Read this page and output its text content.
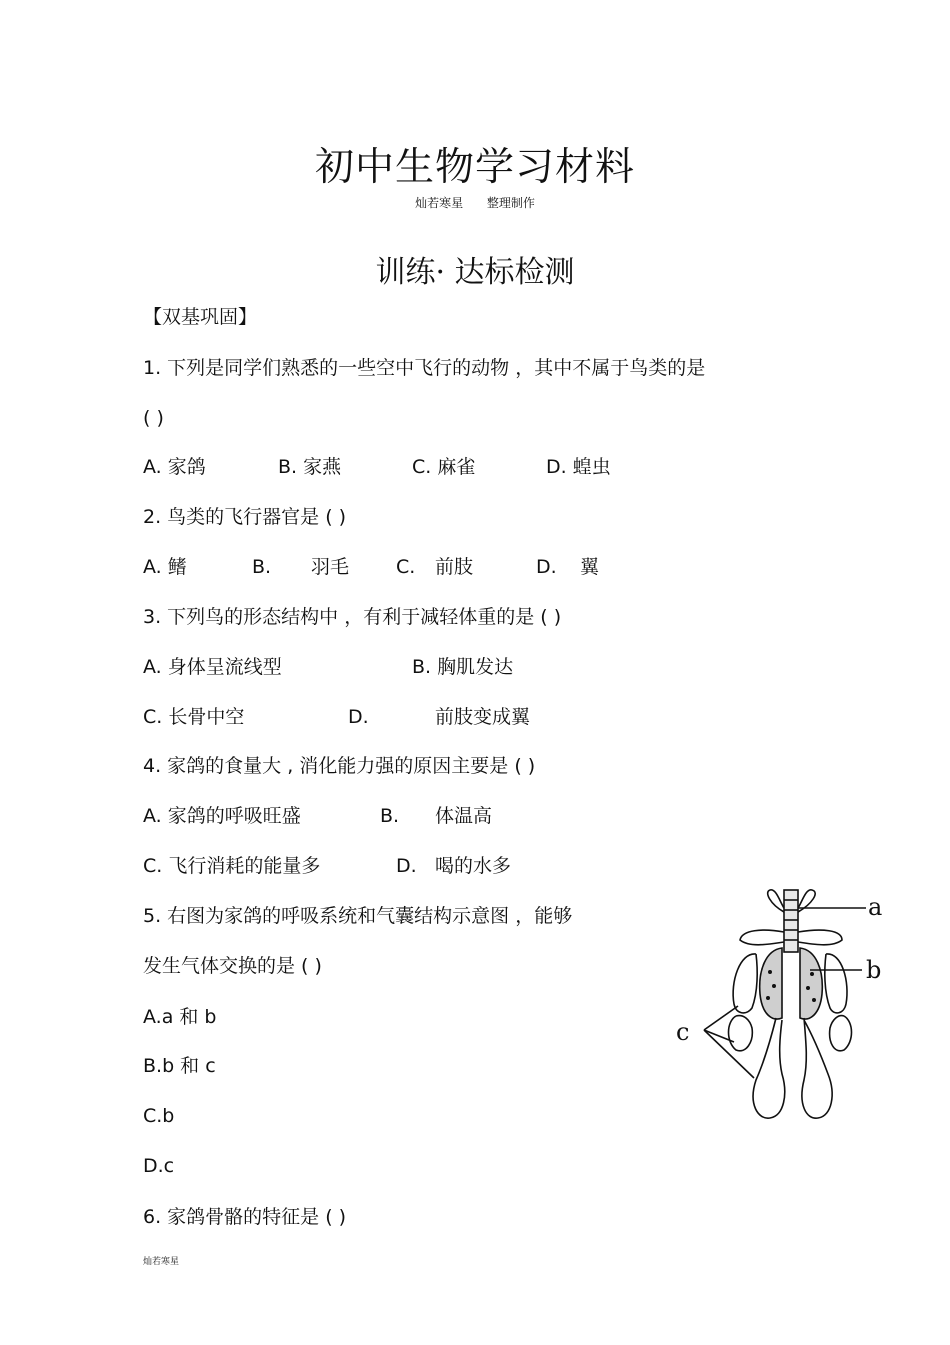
初中生物学习材料
灿若寒星 整理制作
训练· 达标检测
【双基巩固】
1. 下列是同学们熟悉的一些空中飞行的动物 ，其中不属于鸟类的是
( )
A. 家鸽	B. 家燕	C. 麻雀	D. 蝗虫
2. 鸟类的飞行器官是 ( )
A. 鳍	B. 羽毛 C. 前肢	D. 翼
3. 下列鸟的形态结构中 ，有利于减轻体重的是 ( )
A. 身体呈流线型	B. 胸肌发达
C. 长骨中空	D.	前肢变成翼
4. 家鸽的食量大 , 消化能力强的原因主要是 ( )
A. 家鸽的呼吸旺盛	B. 体温高
C. 飞行消耗的能量多	D. 喝的水多
5. 右图为家鸽的呼吸系统和气囊结构示意图 ，能够
发生气体交换的是 ( )
A.a 和 b
B.b 和 c
C.b
D.c
6. 家鸽骨骼的特征是 ( )
a
b
c
灿若寒星
